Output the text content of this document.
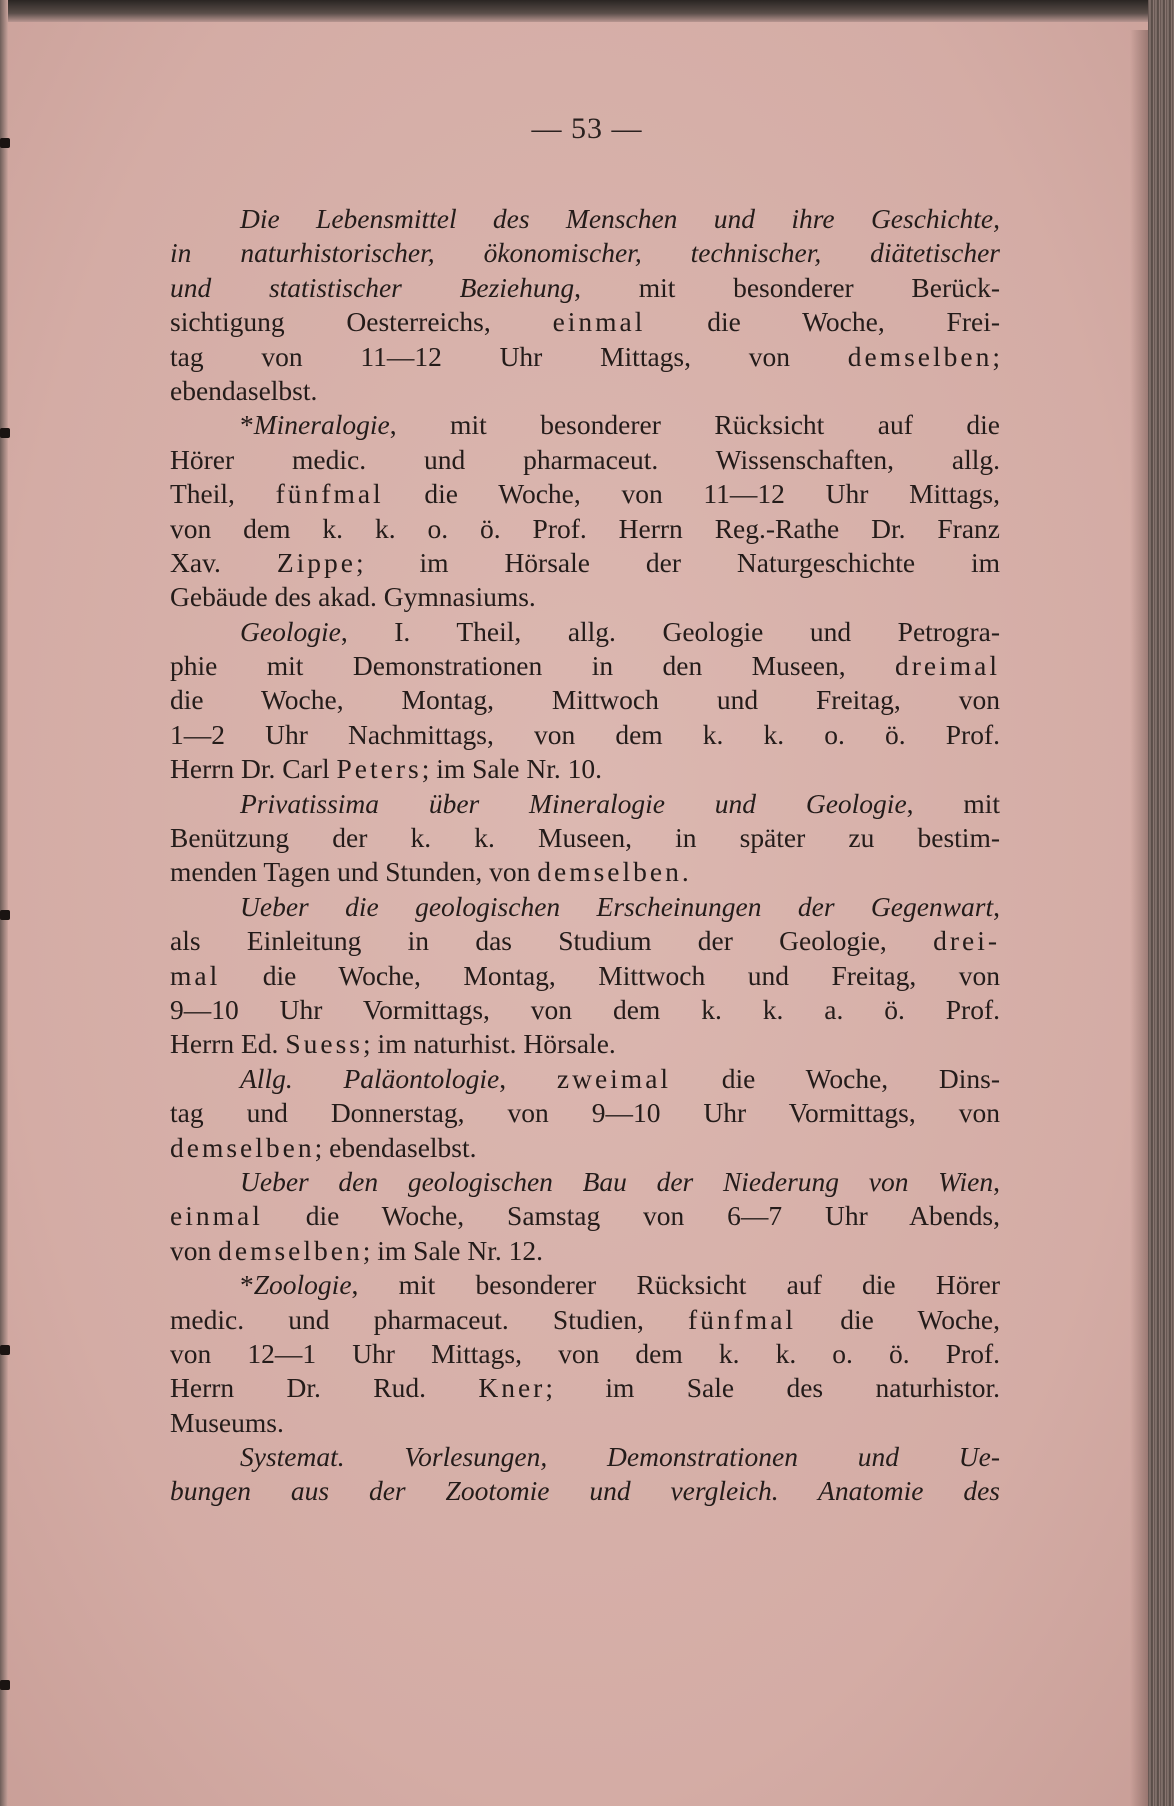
— 53 —
Die Lebensmittel des Menschen und ihre Geschichte,
in naturhistorischer, ökonomischer, technischer, diätetischer
und statistischer Beziehung, mit besonderer Berück-
sichtigung Oesterreichs, einmal die Woche, Frei-
tag von 11—12 Uhr Mittags, von demselben;
ebendaselbst.
*Mineralogie, mit besonderer Rücksicht auf die
Hörer medic. und pharmaceut. Wissenschaften, allg.
Theil, fünfmal die Woche, von 11—12 Uhr Mittags,
von dem k. k. o. ö. Prof. Herrn Reg.-Rathe Dr. Franz
Xav. Zippe; im Hörsale der Naturgeschichte im
Gebäude des akad. Gymnasiums.
Geologie, I. Theil, allg. Geologie und Petrogra-
phie mit Demonstrationen in den Museen, dreimal
die Woche, Montag, Mittwoch und Freitag, von
1—2 Uhr Nachmittags, von dem k. k. o. ö. Prof.
Herrn Dr. Carl Peters; im Sale Nr. 10.
Privatissima über Mineralogie und Geologie, mit
Benützung der k. k. Museen, in später zu bestim-
menden Tagen und Stunden, von demselben.
Ueber die geologischen Erscheinungen der Gegenwart,
als Einleitung in das Studium der Geologie, drei-
mal die Woche, Montag, Mittwoch und Freitag, von
9—10 Uhr Vormittags, von dem k. k. a. ö. Prof.
Herrn Ed. Suess; im naturhist. Hörsale.
Allg. Paläontologie, zweimal die Woche, Dins-
tag und Donnerstag, von 9—10 Uhr Vormittags, von
demselben; ebendaselbst.
Ueber den geologischen Bau der Niederung von Wien,
einmal die Woche, Samstag von 6—7 Uhr Abends,
von demselben; im Sale Nr. 12.
*Zoologie, mit besonderer Rücksicht auf die Hörer
medic. und pharmaceut. Studien, fünfmal die Woche,
von 12—1 Uhr Mittags, von dem k. k. o. ö. Prof.
Herrn Dr. Rud. Kner; im Sale des naturhistor.
Museums.
Systemat. Vorlesungen, Demonstrationen und Ue-
bungen aus der Zootomie und vergleich. Anatomie des
